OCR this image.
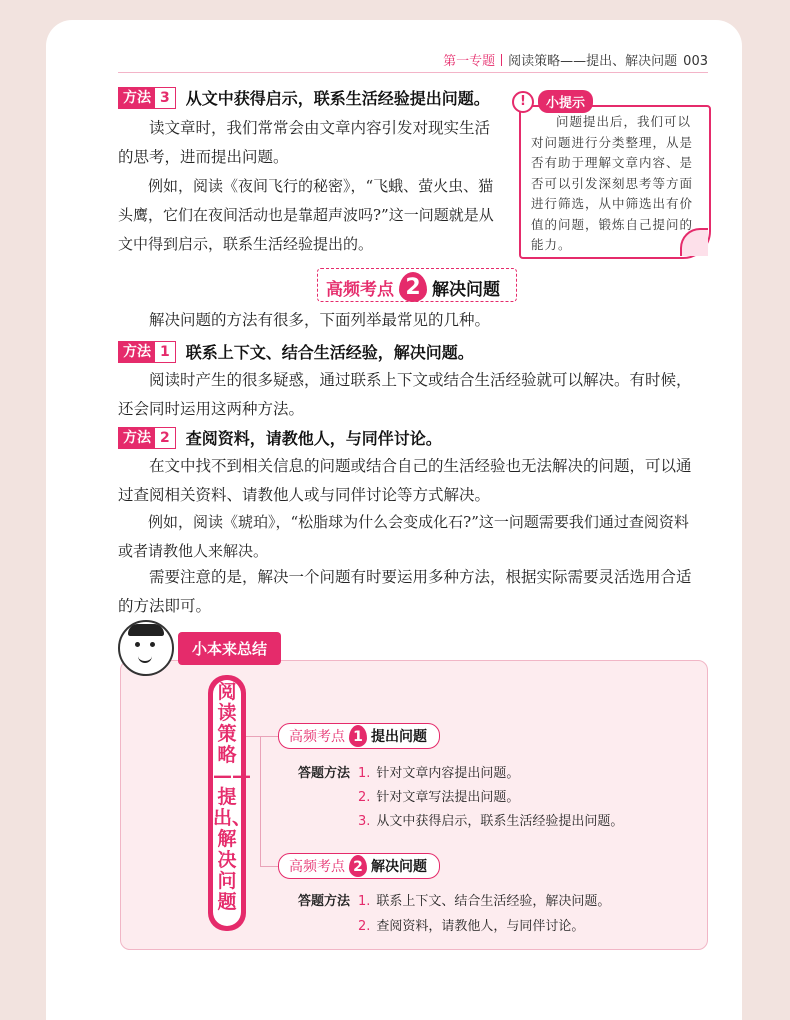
第一专题 阅读策略——提出、解决问题 003
方法 3	从文中获得启示，联系生活经验提出问题。

读文章时，我们常常会由文章内容引发对现实生活的思考，进而提出问题。

例如，阅读《夜间飞行的秘密》，“飞蛾、萤火虫、猫头鹰，它们在夜间活动也是靠超声波吗?”这一问题就是从文中得到启示，联系生活经验提出的。

!	小提示

问题提出后，我们可以对问题进行分类整理，从是否有助于理解文章内容、是否可以引发深刻思考等方面进行筛选，从中筛选出有价值的问题，锻炼自己提问的能力。

高频考点 2 解决问题

解决问题的方法有很多，下面列举最常见的几种。

方法 1	联系上下文、结合生活经验，解决问题。

阅读时产生的很多疑惑，通过联系上下文或结合生活经验就可以解决。有时候，还会同时运用这两种方法。

方法 2	查阅资料，请教他人，与同伴讨论。

在文中找不到相关信息的问题或结合自己的生活经验也无法解决的问题，可以通过查阅相关资料、请教他人或与同伴讨论等方式解决。

例如，阅读《琥珀》，“松脂球为什么会变成化石?”这一问题需要我们通过查阅资料或者请教他人来解决。

需要注意的是，解决一个问题有时要运用多种方法，根据实际需要灵活选用合适的方法即可。

小本来总结
阅读策略——提出、解决问题
高频考点 1 提出问题
答题方法 1. 针对文章内容提出问题。
2. 针对文章写法提出问题。
3. 从文中获得启示，联系生活经验提出问题。
高频考点 2 解决问题
答题方法 1. 联系上下文、结合生活经验，解决问题。
2. 查阅资料，请教他人，与同伴讨论。
